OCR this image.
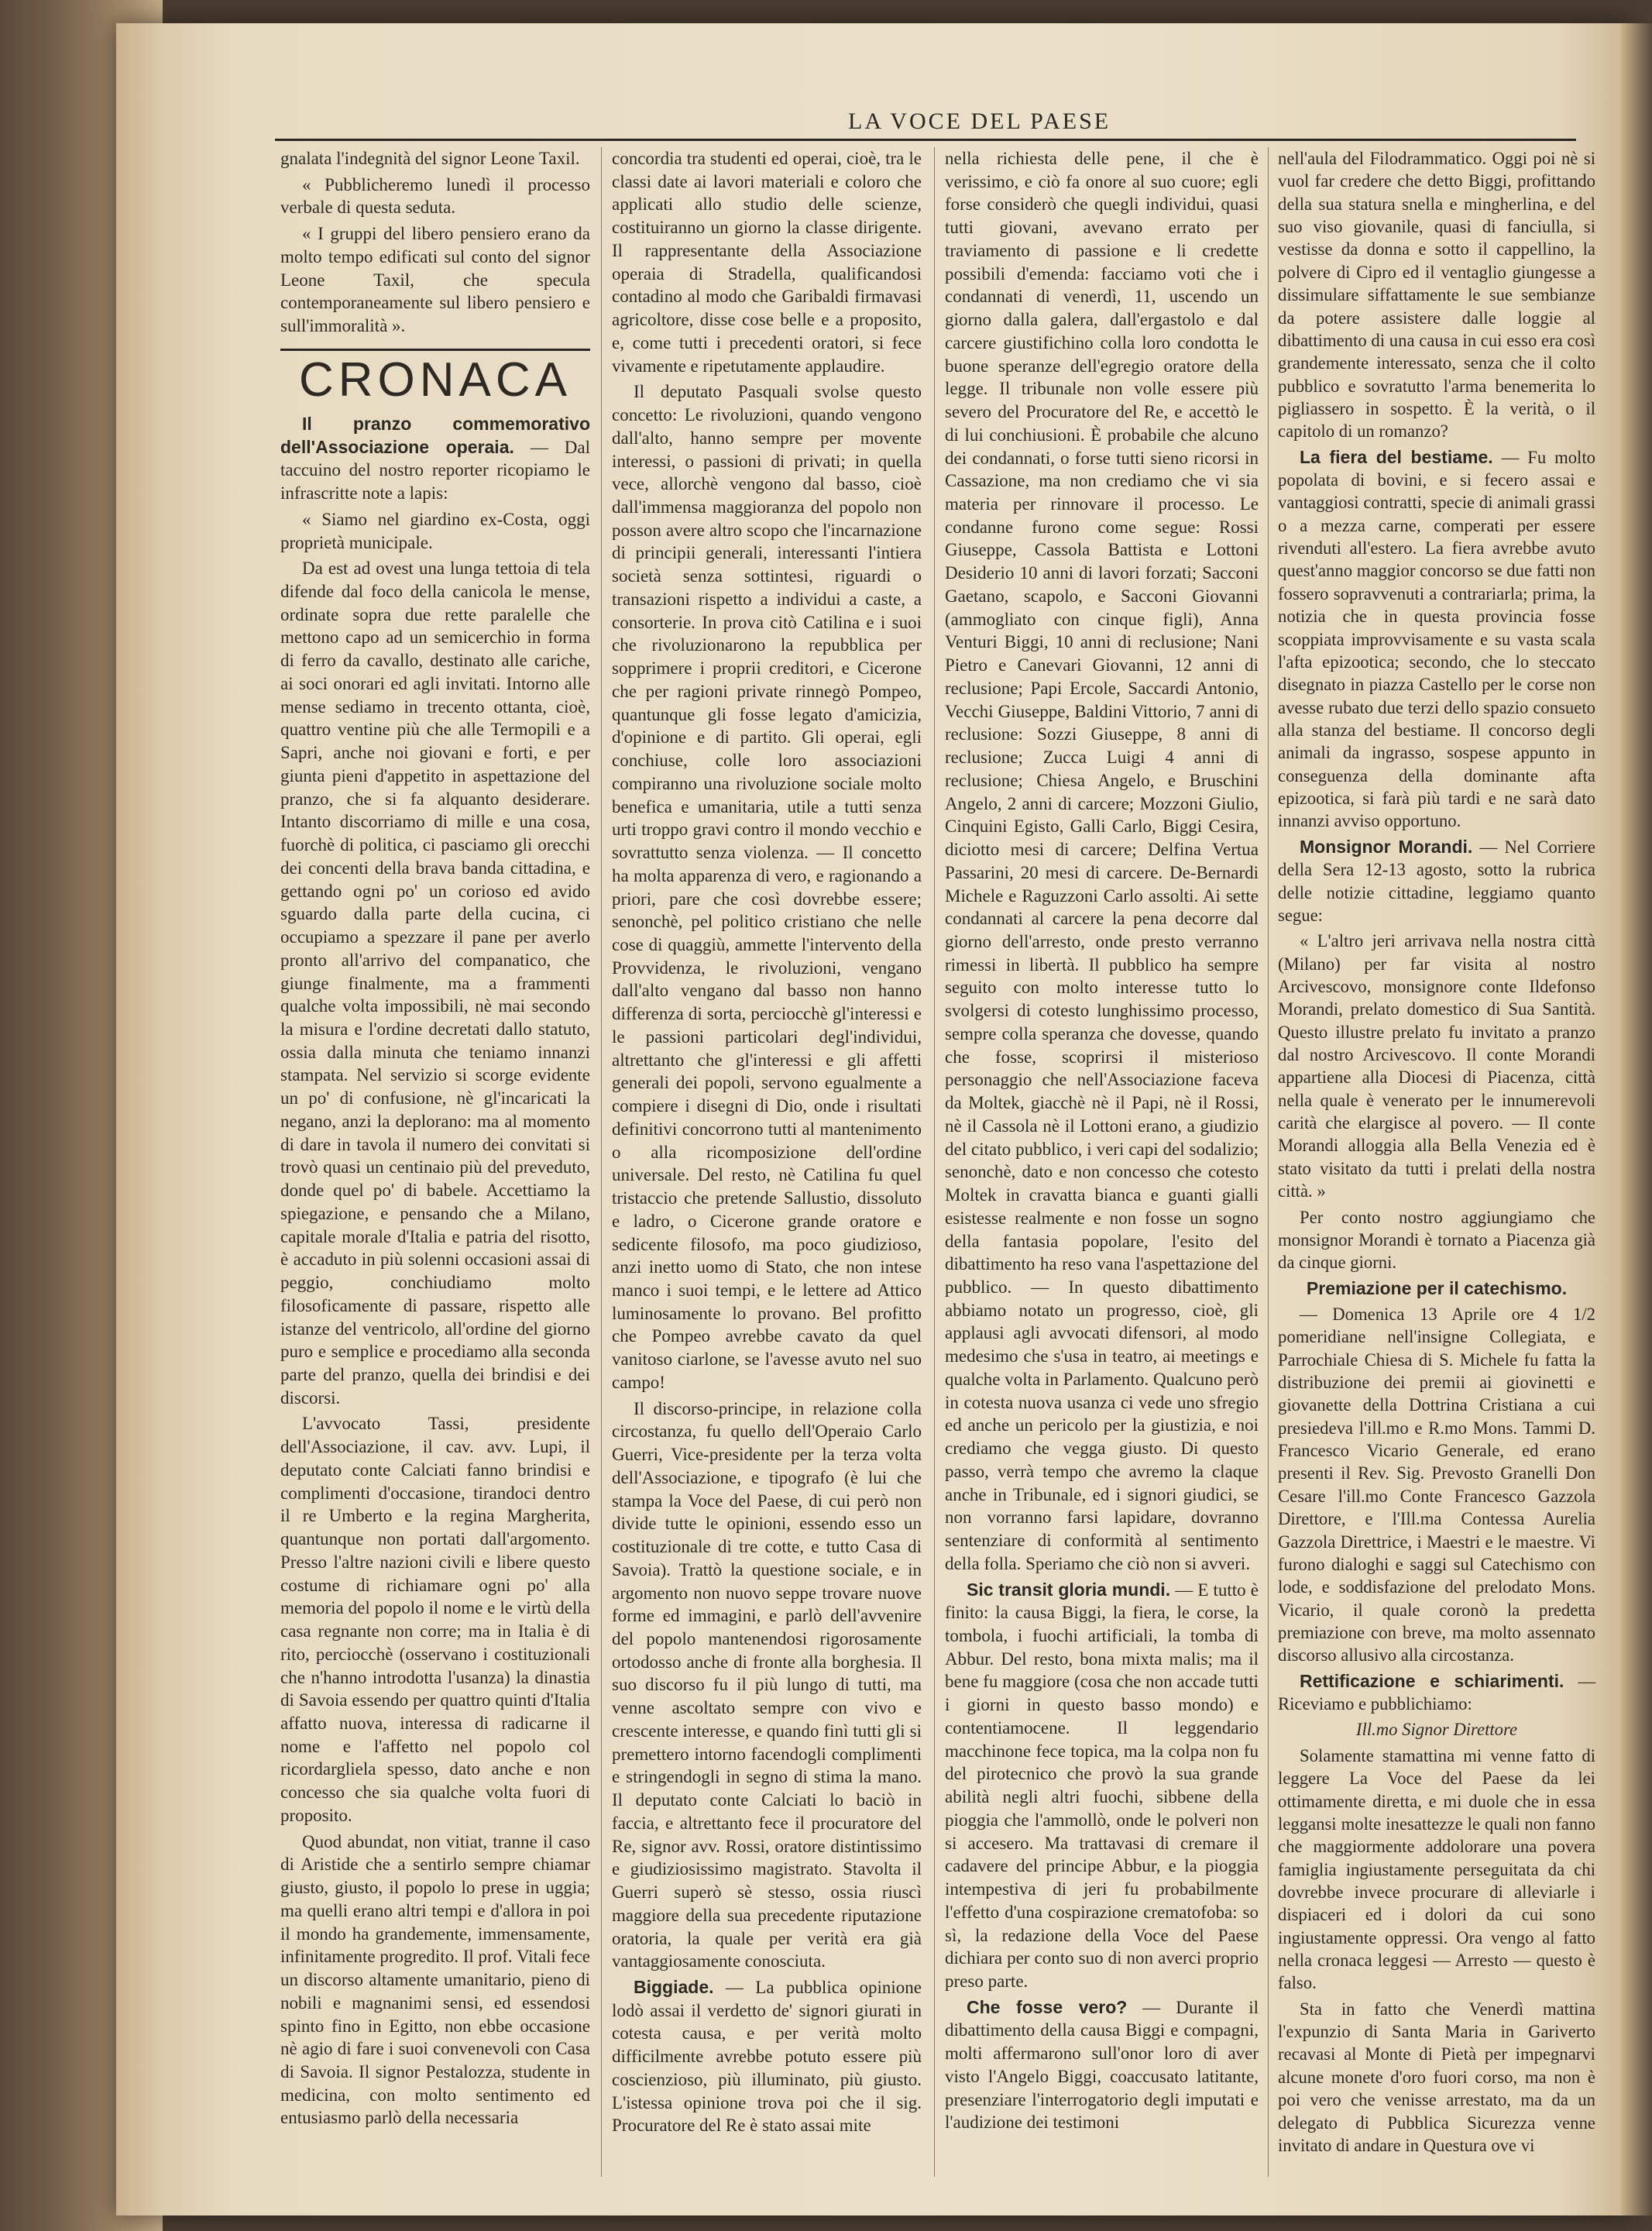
LA VOCE DEL PAESE

gnalata l'indegnità del signor Leone Taxil.

« Pubblicheremo lunedì il processo verbale di questa seduta.

« I gruppi del libero pensiero erano da molto tempo edificati sul conto del signor Leone Taxil, che specula contemporaneamente sul libero pensiero e sull'immoralità ».

CRONACA

Il pranzo commemorativo dell'Associazione operaia. — Dal taccuino del nostro reporter ricopiamo le infrascritte note a lapis:

« Siamo nel giardino ex-Costa, oggi proprietà municipale.

Da est ad ovest una lunga tettoia di tela difende dal foco della canicola le mense, ordinate sopra due rette paralelle che mettono capo ad un semicerchio in forma di ferro da cavallo, destinato alle cariche, ai soci onorari ed agli invitati. Intorno alle mense sediamo in trecento ottanta, cioè, quattro ventine più che alle Termopili e a Sapri, anche noi giovani e forti, e per giunta pieni d'appetito in aspettazione del pranzo, che si fa alquanto desiderare. Intanto discorriamo di mille e una cosa, fuorchè di politica, ci pasciamo gli orecchi dei concenti della brava banda cittadina, e gettando ogni po' un corioso ed avido sguardo dalla parte della cucina, ci occupiamo a spezzare il pane per averlo pronto all'arrivo del companatico, che giunge finalmente, ma a frammenti qualche volta impossibili, nè mai secondo la misura e l'ordine decretati dallo statuto, ossia dalla minuta che teniamo innanzi stampata. Nel servizio si scorge evidente un po' di confusione, nè gl'incaricati la negano, anzi la deplorano: ma al momento di dare in tavola il numero dei convitati si trovò quasi un centinaio più del preveduto, donde quel po' di babele. Accettiamo la spiegazione, e pensando che a Milano, capitale morale d'Italia e patria del risotto, è accaduto in più solenni occasioni assai di peggio, conchiudiamo molto filosoficamente di passare, rispetto alle istanze del ventricolo, all'ordine del giorno puro e semplice e procediamo alla seconda parte del pranzo, quella dei brindisi e dei discorsi.

L'avvocato Tassi, presidente dell'Associazione, il cav. avv. Lupi, il deputato conte Calciati fanno brindisi e complimenti d'occasione, tirandoci dentro il re Umberto e la regina Margherita, quantunque non portati dall'argomento. Presso l'altre nazioni civili e libere questo costume di richiamare ogni po' alla memoria del popolo il nome e le virtù della casa regnante non corre; ma in Italia è di rito, perciocchè (osservano i costituzionali che n'hanno introdotta l'usanza) la dinastia di Savoia essendo per quattro quinti d'Italia affatto nuova, interessa di radicarne il nome e l'affetto nel popolo col ricordargliela spesso, dato anche e non concesso che sia qualche volta fuori di proposito.

Quod abundat, non vitiat, tranne il caso di Aristide che a sentirlo sempre chiamar giusto, giusto, il popolo lo prese in uggia; ma quelli erano altri tempi e d'allora in poi il mondo ha grandemente, immensamente, infinitamente progredito. Il prof. Vitali fece un discorso altamente umanitario, pieno di nobili e magnanimi sensi, ed essendosi spinto fino in Egitto, non ebbe occasione nè agio di fare i suoi convenevoli con Casa di Savoia. Il signor Pestalozza, studente in medicina, con molto sentimento ed entusiasmo parlò della necessaria

concordia tra studenti ed operai, cioè, tra le classi date ai lavori materiali e coloro che applicati allo studio delle scienze, costituiranno un giorno la classe dirigente. Il rappresentante della Associazione operaia di Stradella, qualificandosi contadino al modo che Garibaldi firmavasi agricoltore, disse cose belle e a proposito, e, come tutti i precedenti oratori, si fece vivamente e ripetutamente applaudire.

Il deputato Pasquali svolse questo concetto: Le rivoluzioni, quando vengono dall'alto, hanno sempre per movente interessi, o passioni di privati; in quella vece, allorchè vengono dal basso, cioè dall'immensa maggioranza del popolo non posson avere altro scopo che l'incarnazione di principii generali, interessanti l'intiera società senza sottintesi, riguardi o transazioni rispetto a individui a caste, a consorterie. In prova citò Catilina e i suoi che rivoluzionarono la repubblica per sopprimere i proprii creditori, e Cicerone che per ragioni private rinnegò Pompeo, quantunque gli fosse legato d'amicizia, d'opinione e di partito. Gli operai, egli conchiuse, colle loro associazioni compiranno una rivoluzione sociale molto benefica e umanitaria, utile a tutti senza urti troppo gravi contro il mondo vecchio e sovrattutto senza violenza. — Il concetto ha molta apparenza di vero, e ragionando a priori, pare che così dovrebbe essere; senonchè, pel politico cristiano che nelle cose di quaggiù, ammette l'intervento della Provvidenza, le rivoluzioni, vengano dall'alto vengano dal basso non hanno differenza di sorta, perciocchè gl'interessi e le passioni particolari degl'individui, altrettanto che gl'interessi e gli affetti generali dei popoli, servono egualmente a compiere i disegni di Dio, onde i risultati definitivi concorrono tutti al mantenimento o alla ricomposizione dell'ordine universale. Del resto, nè Catilina fu quel tristaccio che pretende Sallustio, dissoluto e ladro, o Cicerone grande oratore e sedicente filosofo, ma poco giudizioso, anzi inetto uomo di Stato, che non intese manco i suoi tempi, e le lettere ad Attico luminosamente lo provano. Bel profitto che Pompeo avrebbe cavato da quel vanitoso ciarlone, se l'avesse avuto nel suo campo!

Il discorso-principe, in relazione colla circostanza, fu quello dell'Operaio Carlo Guerri, Vice-presidente per la terza volta dell'Associazione, e tipografo (è lui che stampa la Voce del Paese, di cui però non divide tutte le opinioni, essendo esso un costituzionale di tre cotte, e tutto Casa di Savoia). Trattò la questione sociale, e in argomento non nuovo seppe trovare nuove forme ed immagini, e parlò dell'avvenire del popolo mantenendosi rigorosamente ortodosso anche di fronte alla borghesia. Il suo discorso fu il più lungo di tutti, ma venne ascoltato sempre con vivo e crescente interesse, e quando finì tutti gli si premettero intorno facendogli complimenti e stringendogli in segno di stima la mano. Il deputato conte Calciati lo baciò in faccia, e altrettanto fece il procuratore del Re, signor avv. Rossi, oratore distintissimo e giudiziosissimo magistrato. Stavolta il Guerri superò sè stesso, ossia riuscì maggiore della sua precedente riputazione oratoria, la quale per verità era già vantaggiosamente conosciuta.

Biggiade. — La pubblica opinione lodò assai il verdetto de' signori giurati in cotesta causa, e per verità molto difficilmente avrebbe potuto essere più coscienzioso, più illuminato, più giusto. L'istessa opinione trova poi che il sig. Procuratore del Re è stato assai mite

nella richiesta delle pene, il che è verissimo, e ciò fa onore al suo cuore; egli forse considerò che quegli individui, quasi tutti giovani, avevano errato per traviamento di passione e li credette possibili d'emenda: facciamo voti che i condannati di venerdì, 11, uscendo un giorno dalla galera, dall'ergastolo e dal carcere giustifichino colla loro condotta le buone speranze dell'egregio oratore della legge. Il tribunale non volle essere più severo del Procuratore del Re, e accettò le di lui conchiusioni. È probabile che alcuno dei condannati, o forse tutti sieno ricorsi in Cassazione, ma non crediamo che vi sia materia per rinnovare il processo. Le condanne furono come segue: Rossi Giuseppe, Cassola Battista e Lottoni Desiderio 10 anni di lavori forzati; Sacconi Gaetano, scapolo, e Sacconi Giovanni (ammogliato con cinque figli), Anna Venturi Biggi, 10 anni di reclusione; Nani Pietro e Canevari Giovanni, 12 anni di reclusione; Papi Ercole, Saccardi Antonio, Vecchi Giuseppe, Baldini Vittorio, 7 anni di reclusione: Sozzi Giuseppe, 8 anni di reclusione; Zucca Luigi 4 anni di reclusione; Chiesa Angelo, e Bruschini Angelo, 2 anni di carcere; Mozzoni Giulio, Cinquini Egisto, Galli Carlo, Biggi Cesira, diciotto mesi di carcere; Delfina Vertua Passarini, 20 mesi di carcere. De-Bernardi Michele e Raguzzoni Carlo assolti. Ai sette condannati al carcere la pena decorre dal giorno dell'arresto, onde presto verranno rimessi in libertà. Il pubblico ha sempre seguito con molto interesse tutto lo svolgersi di cotesto lunghissimo processo, sempre colla speranza che dovesse, quando che fosse, scoprirsi il misterioso personaggio che nell'Associazione faceva da Moltek, giacchè nè il Papi, nè il Rossi, nè il Cassola nè il Lottoni erano, a giudizio del citato pubblico, i veri capi del sodalizio; senonchè, dato e non concesso che cotesto Moltek in cravatta bianca e guanti gialli esistesse realmente e non fosse un sogno della fantasia popolare, l'esito del dibattimento ha reso vana l'aspettazione del pubblico. — In questo dibattimento abbiamo notato un progresso, cioè, gli applausi agli avvocati difensori, al modo medesimo che s'usa in teatro, ai meetings e qualche volta in Parlamento. Qualcuno però in cotesta nuova usanza ci vede uno sfregio ed anche un pericolo per la giustizia, e noi crediamo che vegga giusto. Di questo passo, verrà tempo che avremo la claque anche in Tribunale, ed i signori giudici, se non vorranno farsi lapidare, dovranno sentenziare di conformità al sentimento della folla. Speriamo che ciò non si avveri.

Sic transit gloria mundi. — E tutto è finito: la causa Biggi, la fiera, le corse, la tombola, i fuochi artificiali, la tomba di Abbur. Del resto, bona mixta malis; ma il bene fu maggiore (cosa che non accade tutti i giorni in questo basso mondo) e contentiamocene. Il leggendario macchinone fece topica, ma la colpa non fu del pirotecnico che provò la sua grande abilità negli altri fuochi, sibbene della pioggia che l'ammollò, onde le polveri non si accesero. Ma trattavasi di cremare il cadavere del principe Abbur, e la pioggia intempestiva di jeri fu probabilmente l'effetto d'una cospirazione crematofoba: so sì, la redazione della Voce del Paese dichiara per conto suo di non averci proprio preso parte.

Che fosse vero? — Durante il dibattimento della causa Biggi e compagni, molti affermarono sull'onor loro di aver visto l'Angelo Biggi, coaccusato latitante, presenziare l'interrogatorio degli imputati e l'audizione dei testimoni

nell'aula del Filodrammatico. Oggi poi nè si vuol far credere che detto Biggi, profittando della sua statura snella e mingherlina, e del suo viso giovanile, quasi di fanciulla, si vestisse da donna e sotto il cappellino, la polvere di Cipro ed il ventaglio giungesse a dissimulare siffattamente le sue sembianze da potere assistere dalle loggie al dibattimento di una causa in cui esso era così grandemente interessato, senza che il colto pubblico e sovratutto l'arma benemerita lo pigliassero in sospetto. È la verità, o il capitolo di un romanzo?

La fiera del bestiame. — Fu molto popolata di bovini, e si fecero assai e vantaggiosi contratti, specie di animali grassi o a mezza carne, comperati per essere rivenduti all'estero. La fiera avrebbe avuto quest'anno maggior concorso se due fatti non fossero sopravvenuti a contrariarla; prima, la notizia che in questa provincia fosse scoppiata improvvisamente e su vasta scala l'afta epizootica; secondo, che lo steccato disegnato in piazza Castello per le corse non avesse rubato due terzi dello spazio consueto alla stanza del bestiame. Il concorso degli animali da ingrasso, sospese appunto in conseguenza della dominante afta epizootica, si farà più tardi e ne sarà dato innanzi avviso opportuno.

Monsignor Morandi. — Nel Corriere della Sera 12-13 agosto, sotto la rubrica delle notizie cittadine, leggiamo quanto segue:

« L'altro jeri arrivava nella nostra città (Milano) per far visita al nostro Arcivescovo, monsignore conte Ildefonso Morandi, prelato domestico di Sua Santità. Questo illustre prelato fu invitato a pranzo dal nostro Arcivescovo. Il conte Morandi appartiene alla Diocesi di Piacenza, città nella quale è venerato per le innumerevoli carità che elargisce al povero. — Il conte Morandi alloggia alla Bella Venezia ed è stato visitato da tutti i prelati della nostra città. »

Per conto nostro aggiungiamo che monsignor Morandi è tornato a Piacenza già da cinque giorni.

Premiazione per il catechismo.

— Domenica 13 Aprile ore 4 1/2 pomeridiane nell'insigne Collegiata, e Parrochiale Chiesa di S. Michele fu fatta la distribuzione dei premii ai giovinetti e giovanette della Dottrina Cristiana a cui presiedeva l'ill.mo e R.mo Mons. Tammi D. Francesco Vicario Generale, ed erano presenti il Rev. Sig. Prevosto Granelli Don Cesare l'ill.mo Conte Francesco Gazzola Direttore, e l'Ill.ma Contessa Aurelia Gazzola Direttrice, i Maestri e le maestre. Vi furono dialoghi e saggi sul Catechismo con lode, e soddisfazione del prelodato Mons. Vicario, il quale coronò la predetta premiazione con breve, ma molto assennato discorso allusivo alla circostanza.

Rettificazione e schiarimenti. — Riceviamo e pubblichiamo:

Ill.mo Signor Direttore

Solamente stamattina mi venne fatto di leggere La Voce del Paese da lei ottimamente diretta, e mi duole che in essa leggansi molte inesattezze le quali non fanno che maggiormente addolorare una povera famiglia ingiustamente perseguitata da chi dovrebbe invece procurare di alleviarle i dispiaceri ed i dolori da cui sono ingiustamente oppressi. Ora vengo al fatto nella cronaca leggesi — Arresto — questo è falso.

Sta in fatto che Venerdì mattina l'expunzio di Santa Maria in Gariverto recavasi al Monte di Pietà per impegnarvi alcune monete d'oro fuori corso, ma non è poi vero che venisse arrestato, ma da un delegato di Pubblica Sicurezza venne invitato di andare in Questura ove vi
